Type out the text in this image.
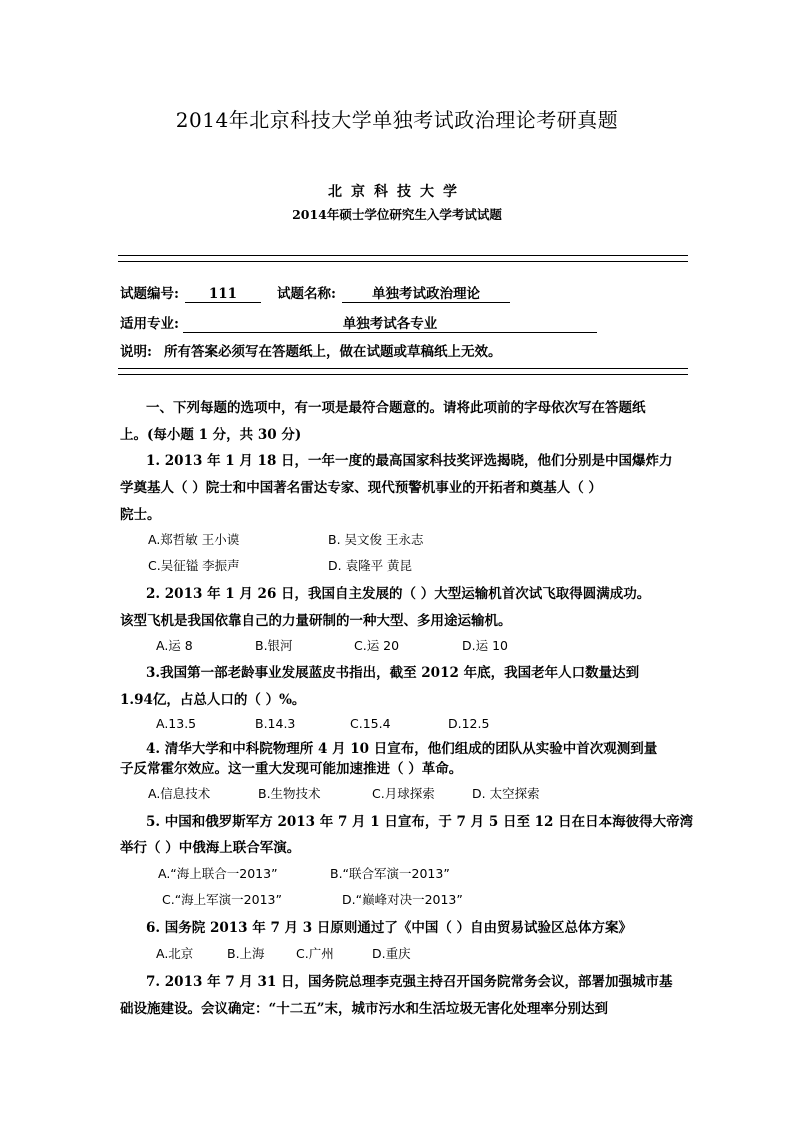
2014年北京科技大学单独考试政治理论考研真题
北京科技大学
2014年硕士学位研究生入学考试试题
试题编号: 111	试题名称:	单独考试政治理论
适用专业:	单独考试各专业
说明: 所有答案必须写在答题纸上，做在试题或草稿纸上无效。
一、下列每题的选项中，有一项是最符合题意的。请将此项前的字母依次写在答题纸
上。(每小题 1 分，共 30 分)
1. 2013 年 1 月 18 日，一年一度的最高国家科技奖评选揭晓，他们分别是中国爆炸力
学奠基人（ ）院士和中国著名雷达专家、现代预警机事业的开拓者和奠基人（ ）
院士。
A.郑哲敏 王小谟	B. 吴文俊 王永志
C.吴征镒 李振声	D. 袁隆平 黄昆
2. 2013 年 1 月 26 日，我国自主发展的（ ）大型运输机首次试飞取得圆满成功。
该型飞机是我国依靠自己的力量研制的一种大型、多用途运输机。
A.运 8	B.银河	C.运 20	D.运 10
3.我国第一部老龄事业发展蓝皮书指出，截至 2012 年底，我国老年人口数量达到
1.94亿，占总人口的（ ）%。
A.13.5	B.14.3	C.15.4	D.12.5
4. 清华大学和中科院物理所 4 月 10 日宣布，他们组成的团队从实验中首次观测到量
子反常霍尔效应。这一重大发现可能加速推进（ ）革命。
A.信息技术	B.生物技术	C.月球探索	D. 太空探索
5. 中国和俄罗斯军方 2013 年 7 月 1 日宣布，于 7 月 5 日至 12 日在日本海彼得大帝湾
举行（ ）中俄海上联合军演。
A.“海上联合一2013”	B.“联合军演一2013”
C.“海上军演一2013”	D.“巅峰对决一2013”
6. 国务院 2013 年 7 月 3 日原则通过了《中国（ ）自由贸易试验区总体方案》
A.北京	B.上海	C.广州	D.重庆
7. 2013 年 7 月 31 日，国务院总理李克强主持召开国务院常务会议，部署加强城市基
础设施建设。会议确定：“十二五”末，城市污水和生活垃圾无害化处理率分别达到
